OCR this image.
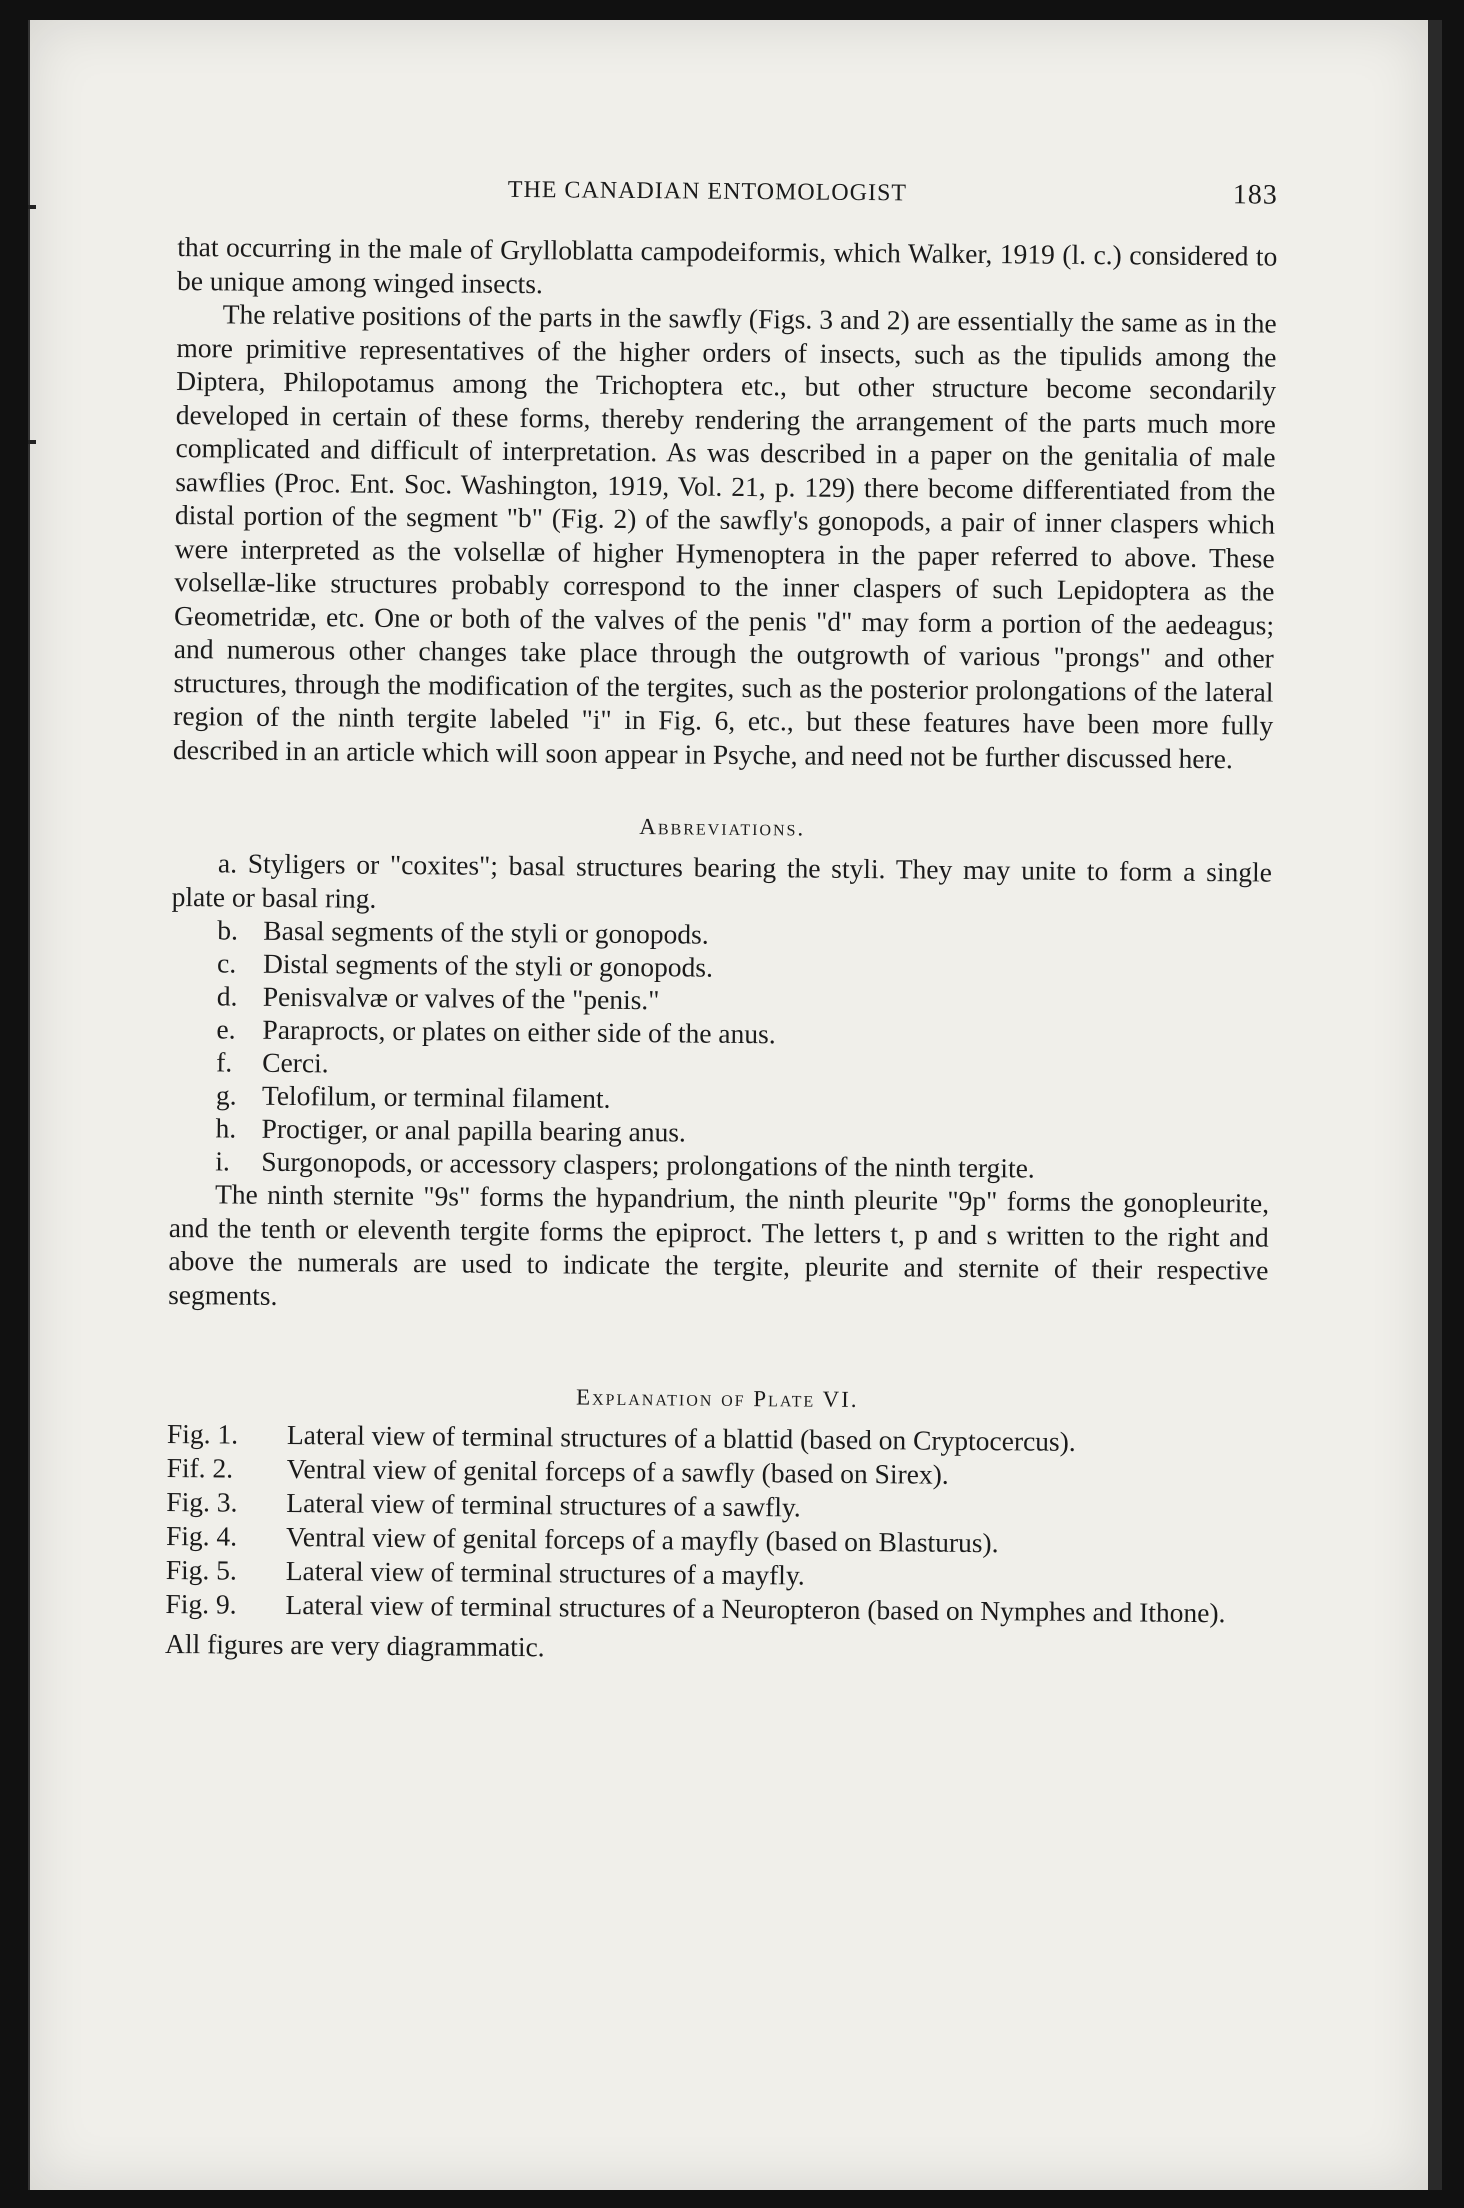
THE CANADIAN ENTOMOLOGIST	183

that occurring in the male of Grylloblatta campodeiformis, which Walker, 1919 (l. c.) considered to be unique among winged insects.

The relative positions of the parts in the sawfly (Figs. 3 and 2) are essentially the same as in the more primitive representatives of the higher orders of insects, such as the tipulids among the Diptera, Philopotamus among the Trichoptera etc., but other structure become secondarily developed in certain of these forms, thereby rendering the arrangement of the parts much more complicated and difficult of interpretation. As was described in a paper on the genitalia of male sawflies (Proc. Ent. Soc. Washington, 1919, Vol. 21, p. 129) there become differentiated from the distal portion of the segment "b" (Fig. 2) of the sawfly's gonopods, a pair of inner claspers which were interpreted as the volsellæ of higher Hymenoptera in the paper referred to above. These volsellæ-like structures probably correspond to the inner claspers of such Lepidoptera as the Geometridæ, etc. One or both of the valves of the penis "d" may form a portion of the aedeagus; and numerous other changes take place through the outgrowth of various "prongs" and other structures, through the modification of the tergites, such as the posterior prolongations of the lateral region of the ninth tergite labeled "i" in Fig. 6, etc., but these features have been more fully described in an article which will soon appear in Psyche, and need not be further discussed here.

Abbreviations.

a. Styligers or "coxites"; basal structures bearing the styli. They may unite to form a single plate or basal ring.

b. Basal segments of the styli or gonopods.
c. Distal segments of the styli or gonopods.
d. Penisvalvæ or valves of the "penis."
e. Paraprocts, or plates on either side of the anus.
f.	Cerci.
g. Telofilum, or terminal filament.
h. Proctiger, or anal papilla bearing anus.
i.	Surgonopods, or accessory claspers; prolongations of the ninth tergite.

The ninth sternite "9s" forms the hypandrium, the ninth pleurite "9p" forms the gonopleurite, and the tenth or eleventh tergite forms the epiproct. The letters t, p and s written to the right and above the numerals are used to indicate the tergite, pleurite and sternite of their respective segments.

Explanation of Plate VI.
Fig. 1.	Lateral view of terminal structures of a blattid (based on Cryptocercus).
Fif. 2.	Ventral view of genital forceps of a sawfly (based on Sirex).
Fig. 3.	Lateral view of terminal structures of a sawfly.
Fig. 4.	Ventral view of genital forceps of a mayfly (based on Blasturus).
Fig. 5.	Lateral view of terminal structures of a mayfly.
Fig. 9.	Lateral view of terminal structures of a Neuropteron (based on Nymphes and Ithone).
All figures are very diagrammatic.
